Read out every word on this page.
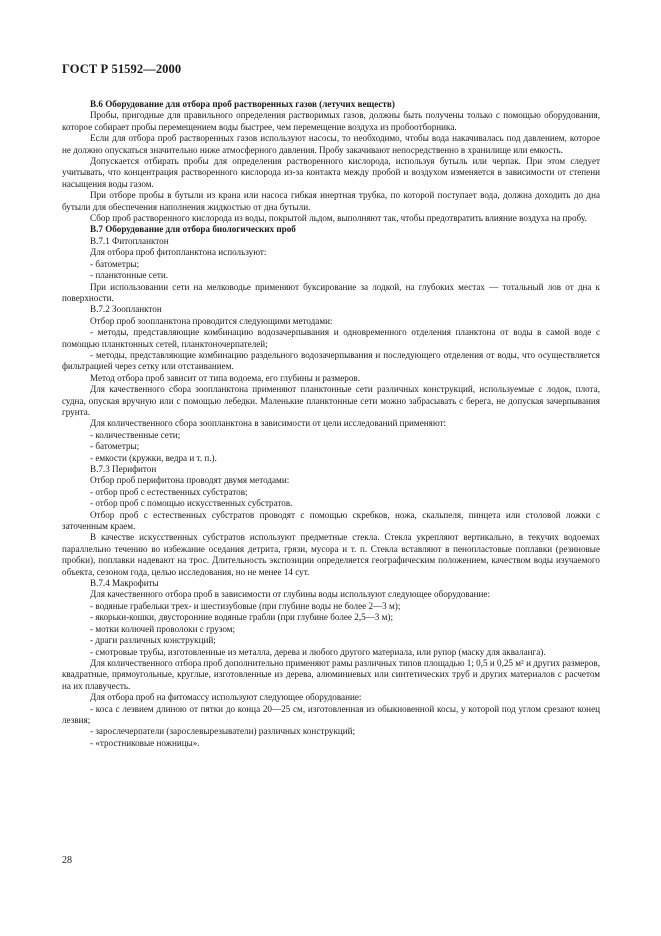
ГОСТ Р 51592—2000

В.6 Оборудование для отбора проб растворенных газов (летучих веществ)

Пробы, пригодные для правильного определения растворимых газов, должны быть получены только с помощью оборудования, которое собирает пробы перемещением воды быстрее, чем перемещение воздуха из пробоотборника.

Если для отбора проб растворенных газов используют насосы, то необходимо, чтобы вода накачивалась под давлением, которое не должно опускаться значительно ниже атмосферного давления. Пробу закачивают непосредственно в хранилище или емкость.

Допускается отбирать пробы для определения растворенного кислорода, используя бутыль или черпак. При этом следует учитывать, что концентрация растворенного кислорода из-за контакта между пробой и воздухом изменяется в зависимости от степени насыщения воды газом.

При отборе пробы в бутыли из крана или насоса гибкая инертная трубка, по которой поступает вода, должна доходить до дна бутыли для обеспечения наполнения жидкостью от дна бутыли.

Сбор проб растворенного кислорода из воды, покрытой льдом, выполняют так, чтобы предотвратить влияние воздуха на пробу.

В.7 Оборудование для отбора биологических проб

В.7.1 Фитопланктон

Для отбора проб фитопланктона используют:

- батометры;

- планктонные сети.

При использовании сети на мелководье применяют буксирование за лодкой, на глубоких местах — тотальный лов от дна к поверхности.

В.7.2 Зоопланктон

Отбор проб зоопланктона проводится следующими методами:

- методы, представляющие комбинацию водозачерпывания и одновременного отделения планктона от воды в самой воде с помощью планктонных сетей, планктоночерпателей;

- методы, представляющие комбинацию раздельного водозачерпывания и последующего отделения от воды, что осуществляется фильтрацией через сетку или отстаиванием.

Метод отбора проб зависит от типа водоема, его глубины и размеров.

Для качественного сбора зоопланктона применяют планктонные сети различных конструкций, используемые с лодок, плота, судна, опуская вручную или с помощью лебедки. Маленькие планктонные сети можно забрасывать с берега, не допуская зачерпывания грунта.

Для количественного сбора зоопланктона в зависимости от цели исследований применяют:

- количественные сети;

- батометры;

- емкости (кружки, ведра и т. п.).

В.7.3 Перифитон

Отбор проб перифитона проводят двумя методами:

- отбор проб с естественных субстратов;

- отбор проб с помощью искусственных субстратов.

Отбор проб с естественных субстратов проводят с помощью скребков, ножа, скальпеля, пинцета или столовой ложки с заточенным краем.

В качестве искусственных субстратов используют предметные стекла. Стекла укрепляют вертикально, в текучих водоемах параллельно течению во избежание оседания детрита, грязи, мусора и т. п. Стекла вставляют в пенопластовые поплавки (резиновые пробки), поплавки надевают на трос. Длительность экспозиции определяется географическим положением, качеством воды изучаемого объекта, сезоном года, целью исследования, но не менее 14 сут.

В.7.4 Макрофиты

Для качественного отбора проб в зависимости от глубины воды используют следующее оборудование:

- водяные грабельки трех- и шестизубовые (при глубине воды не более 2—3 м);

- якорьки-кошки, двусторонние водяные грабли (при глубине более 2,5—3 м);

- мотки колючей проволоки с грузом;

- драги различных конструкций;

- смотровые трубы, изготовленные из металла, дерева и любого другого материала, или рупор (маску для акваланга).

Для количественного отбора проб дополнительно применяют рамы различных типов площадью 1; 0,5 и 0,25 м² и других размеров, квадратные, прямоугольные, круглые, изготовленные из дерева, алюминиевых или синтетических труб и других материалов с расчетом на их плавучесть.

Для отбора проб на фитомассу используют следующее оборудование:

- коса с лезвием длиною от пятки до конца 20—25 см, изготовленная из обыкновенной косы, у которой под углом срезают конец лезвия;

- зарослечерпатели (зарослевырезыватели) различных конструкций;

- «тростниковые ножницы».

28
